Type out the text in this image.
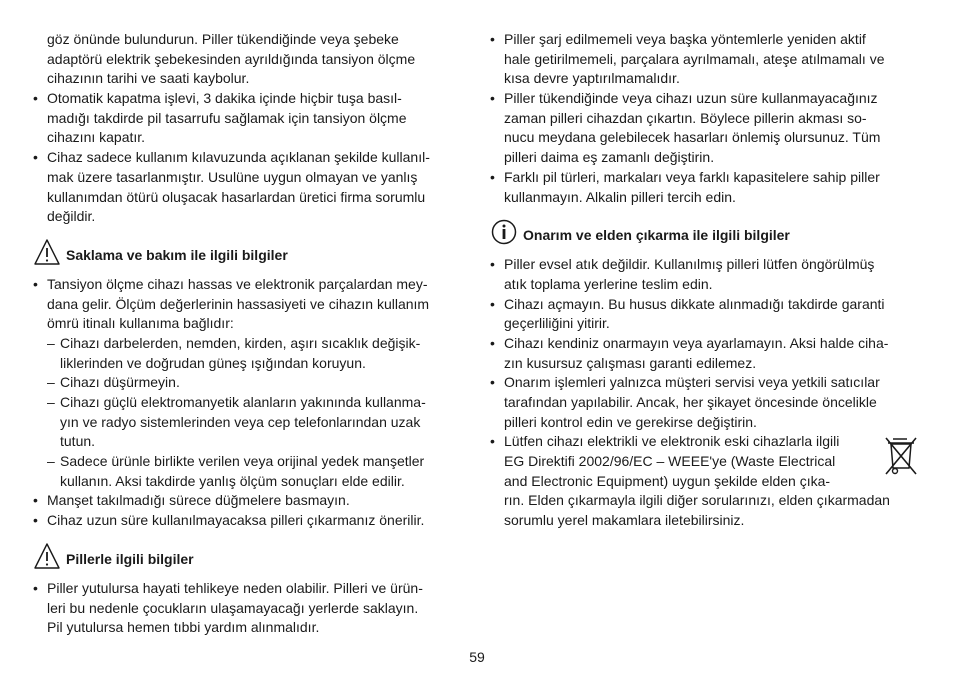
göz önünde bulundurun. Piller tükendiğinde veya şebeke
adaptörü elektrik şebekesinden ayrıldığında tansiyon ölçme
cihazının tarihi ve saati kaybolur.
• Otomatik kapatma işlevi, 3 dakika içinde hiçbir tuşa basıl-
madığı takdirde pil tasarrufu sağlamak için tansiyon ölçme
cihazını kapatır.
• Cihaz sadece kullanım kılavuzunda açıklanan şekilde kullanıl-
mak üzere tasarlanmıştır. Usulüne uygun olmayan ve yanlış
kullanımdan ötürü oluşacak hasarlardan üretici firma sorumlu
değildir.
Saklama ve bakım ile ilgili bilgiler
• Tansiyon ölçme cihazı hassas ve elektronik parçalardan mey-
dana gelir. Ölçüm değerlerinin hassasiyeti ve cihazın kullanım
ömrü itinalı kullanıma bağlıdır:
– Cihazı darbelerden, nemden, kirden, aşırı sıcaklık değişik-
liklerinden ve doğrudan güneş ışığından koruyun.
– Cihazı düşürmeyin.
– Cihazı güçlü elektromanyetik alanların yakınında kullanma-
yın ve radyo sistemlerinden veya cep telefonlarından uzak
tutun.
– Sadece ürünle birlikte verilen veya orijinal yedek manşetler
kullanın. Aksi takdirde yanlış ölçüm sonuçları elde edilir.
• Manşet takılmadığı sürece düğmelere basmayın.
• Cihaz uzun süre kullanılmayacaksa pilleri çıkarmanız önerilir.
Pillerle ilgili bilgiler
• Piller yutulursa hayati tehlikeye neden olabilir. Pilleri ve ürün-
leri bu nedenle çocukların ulaşamayacağı yerlerde saklayın.
Pil yutulursa hemen tıbbi yardım alınmalıdır.
• Piller şarj edilmemeli veya başka yöntemlerle yeniden aktif
hale getirilmemeli, parçalara ayrılmamalı, ateşe atılmamalı ve
kısa devre yaptırılmamalıdır.
• Piller tükendiğinde veya cihazı uzun süre kullanmayacağınız
zaman pilleri cihazdan çıkartın. Böylece pillerin akması so-
nucu meydana gelebilecek hasarları önlemiş olursunuz. Tüm
pilleri daima eş zamanlı değiştirin.
• Farklı pil türleri, markaları veya farklı kapasitelere sahip piller
kullanmayın. Alkalin pilleri tercih edin.
Onarım ve elden çıkarma ile ilgili bilgiler
• Piller evsel atık değildir. Kullanılmış pilleri lütfen öngörülmüş
atık toplama yerlerine teslim edin.
• Cihazı açmayın. Bu husus dikkate alınmadığı takdirde garanti
geçerliliğini yitirir.
• Cihazı kendiniz onarmayın veya ayarlamayın. Aksi halde ciha-
zın kusursuz çalışması garanti edilemez.
• Onarım işlemleri yalnızca müşteri servisi veya yetkili satıcılar
tarafından yapılabilir. Ancak, her şikayet öncesinde öncelikle
pilleri kontrol edin ve gerekirse değiştirin.
• Lütfen cihazı elektrikli ve elektronik eski cihazlarla ilgili
EG Direktifi 2002/96/EC – WEEE'ye (Waste Electrical
and Electronic Equipment) uygun şekilde elden çıka-
rın. Elden çıkarmayla ilgili diğer sorularınızı, elden çıkarmadan
sorumlu yerel makamlara iletebilirsiniz.
59
